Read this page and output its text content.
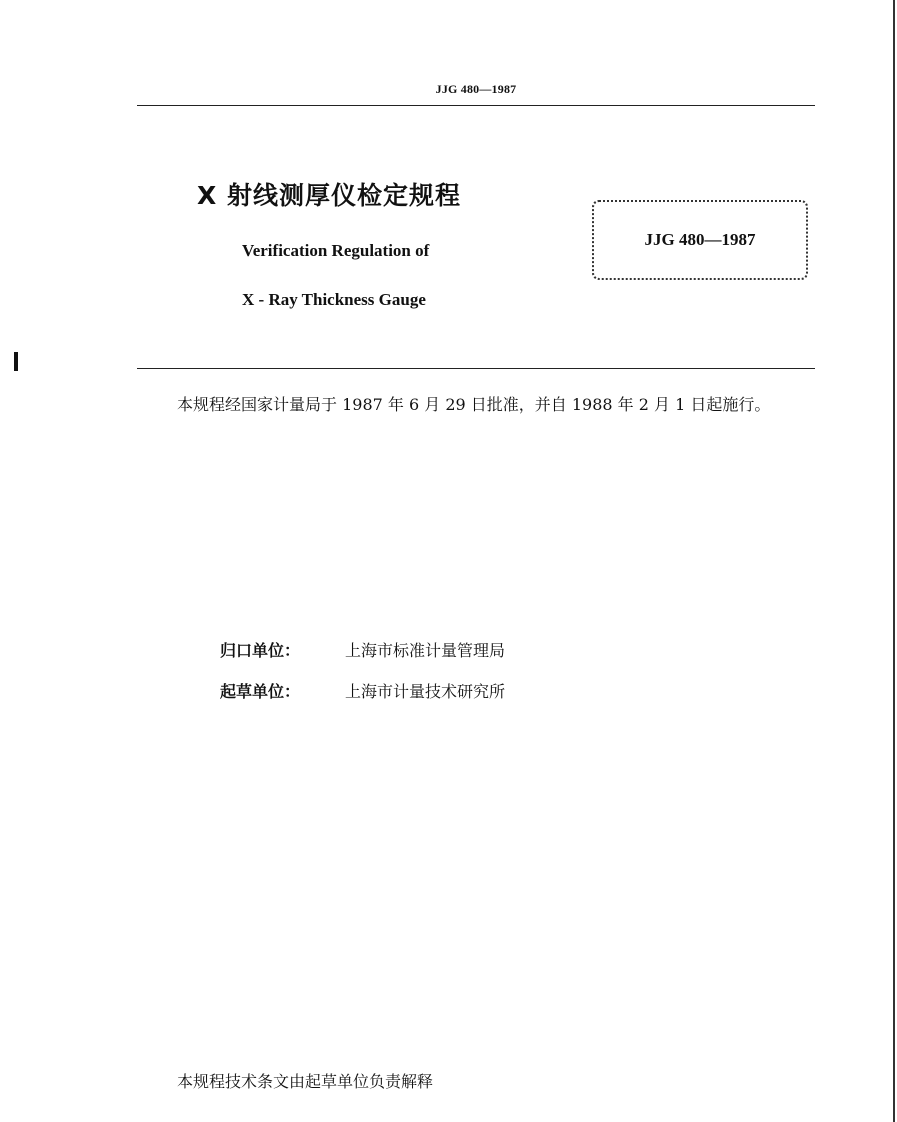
JJG 480—1987
X 射线测厚仪检定规程
Verification Regulation of
X - Ray Thickness Gauge
JJG 480—1987

本规程经国家计量局于 1987 年 6 月 29 日批准，并自 1988 年 2 月 1 日起施行。

归口单位：	上海市标准计量管理局
起草单位：	上海市计量技术研究所
本规程技术条文由起草单位负责解释
